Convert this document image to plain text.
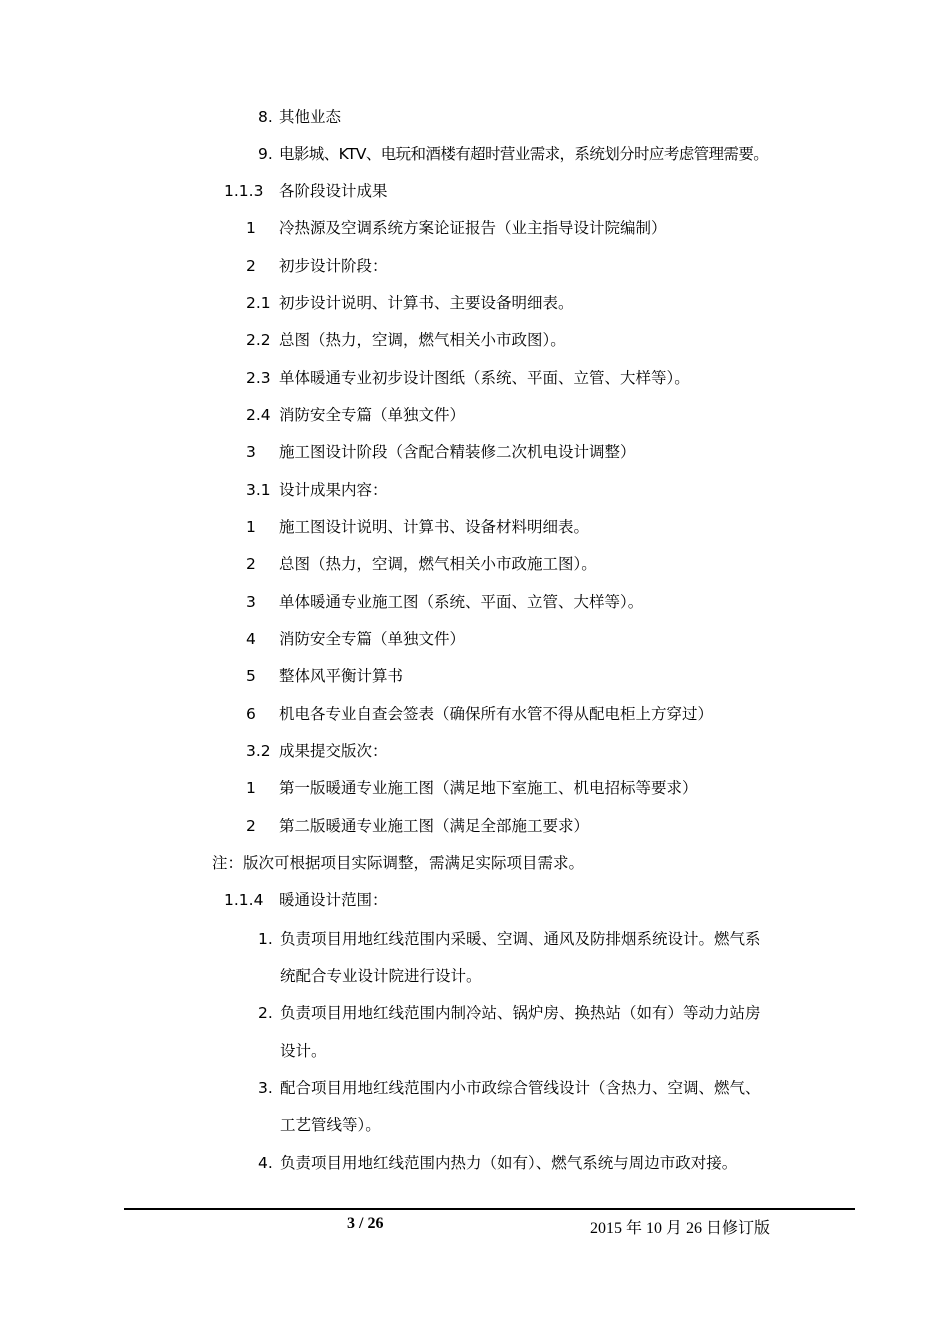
8. 其他业态
9. 电影城、KTV、电玩和酒楼有超时营业需求，系统划分时应考虑管理需要。
1.1.3 各阶段设计成果
1 冷热源及空调系统方案论证报告（业主指导设计院编制）
2 初步设计阶段：
2.1 初步设计说明、计算书、主要设备明细表。
2.2 总图（热力，空调，燃气相关小市政图）。
2.3 单体暖通专业初步设计图纸（系统、平面、立管、大样等）。
2.4 消防安全专篇（单独文件）
3 施工图设计阶段（含配合精装修二次机电设计调整）
3.1 设计成果内容：
1 施工图设计说明、计算书、设备材料明细表。
2 总图（热力，空调，燃气相关小市政施工图）。
3 单体暖通专业施工图（系统、平面、立管、大样等）。
4 消防安全专篇（单独文件）
5 整体风平衡计算书
6 机电各专业自查会签表（确保所有水管不得从配电柜上方穿过）
3.2 成果提交版次：
1 第一版暖通专业施工图（满足地下室施工、机电招标等要求）
2 第二版暖通专业施工图（满足全部施工要求）
注：版次可根据项目实际调整，需满足实际项目需求。
1.1.4 暖通设计范围：
1. 负责项目用地红线范围内采暖、空调、通风及防排烟系统设计。燃气系
统配合专业设计院进行设计。
2. 负责项目用地红线范围内制冷站、锅炉房、换热站（如有）等动力站房
设计。
3. 配合项目用地红线范围内小市政综合管线设计（含热力、空调、燃气、
工艺管线等）。
4. 负责项目用地红线范围内热力（如有）、燃气系统与周边市政对接。
3 / 26	2015 年 10 月 26 日修订版
